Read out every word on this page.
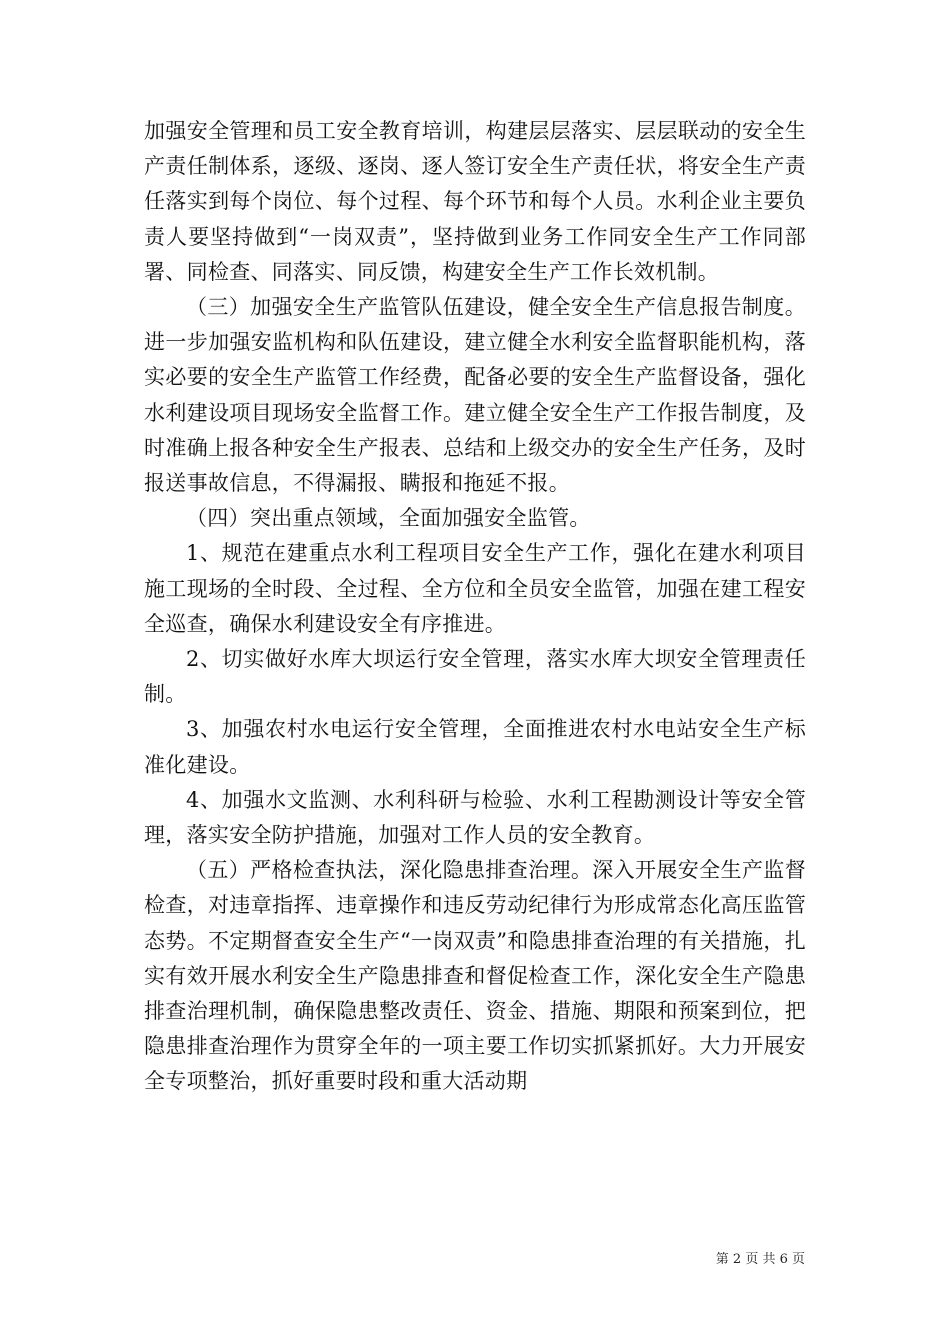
加强安全管理和员工安全教育培训，构建层层落实、层层联动的安全生产责任制体系，逐级、逐岗、逐人签订安全生产责任状，将安全生产责任落实到每个岗位、每个过程、每个环节和每个人员。水利企业主要负责人要坚持做到“一岗双责”，坚持做到业务工作同安全生产工作同部署、同检查、同落实、同反馈，构建安全生产工作长效机制。

（三）加强安全生产监管队伍建设，健全安全生产信息报告制度。进一步加强安监机构和队伍建设，建立健全水利安全监督职能机构，落实必要的安全生产监管工作经费，配备必要的安全生产监督设备，强化水利建设项目现场安全监督工作。建立健全安全生产工作报告制度，及时准确上报各种安全生产报表、总结和上级交办的安全生产任务，及时报送事故信息，不得漏报、瞒报和拖延不报。

（四）突出重点领域，全面加强安全监管。

1、规范在建重点水利工程项目安全生产工作，强化在建水利项目施工现场的全时段、全过程、全方位和全员安全监管，加强在建工程安全巡查，确保水利建设安全有序推进。

2、切实做好水库大坝运行安全管理，落实水库大坝安全管理责任制。

3、加强农村水电运行安全管理，全面推进农村水电站安全生产标准化建设。

4、加强水文监测、水利科研与检验、水利工程勘测设计等安全管理，落实安全防护措施，加强对工作人员的安全教育。

（五）严格检查执法，深化隐患排查治理。深入开展安全生产监督检查，对违章指挥、违章操作和违反劳动纪律行为形成常态化高压监管态势。不定期督查安全生产“一岗双责”和隐患排查治理的有关措施，扎实有效开展水利安全生产隐患排查和督促检查工作，深化安全生产隐患排查治理机制，确保隐患整改责任、资金、措施、期限和预案到位，把隐患排查治理作为贯穿全年的一项主要工作切实抓紧抓好。大力开展安全专项整治，抓好重要时段和重大活动期

第 2 页 共 6 页
